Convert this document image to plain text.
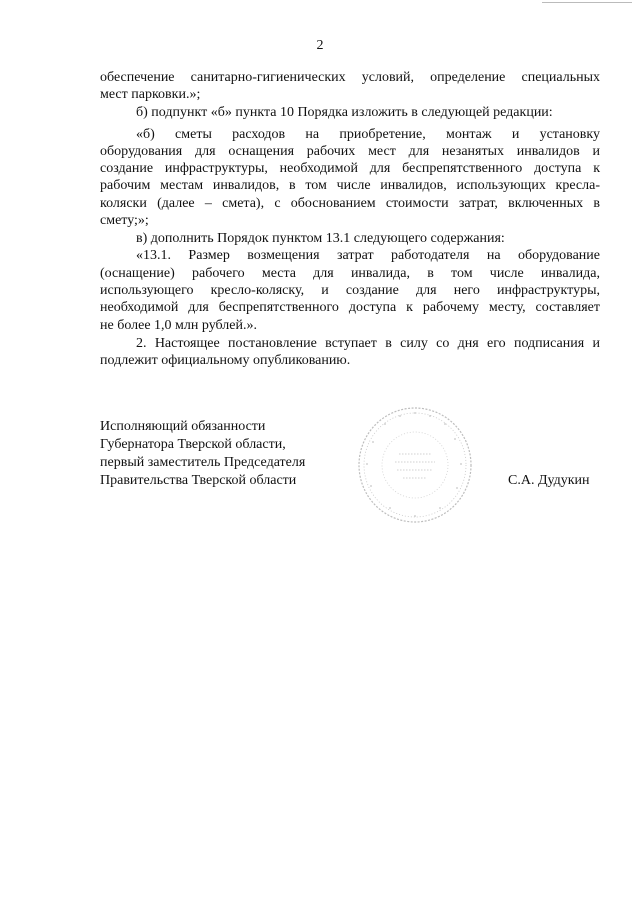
2
обеспечение санитарно-гигиенических условий, определение специальных
мест парковки.»;
б) подпункт «б» пункта 10 Порядка изложить в следующей редакции:
«б) сметы расходов на приобретение, монтаж и установку
оборудования для оснащения рабочих мест для незанятых инвалидов и
создание инфраструктуры, необходимой для беспрепятственного доступа к
рабочим местам инвалидов, в том числе инвалидов, использующих кресла-
коляски (далее – смета), с обоснованием стоимости затрат, включенных в
смету;»;
в) дополнить Порядок пунктом 13.1 следующего содержания:
«13.1. Размер возмещения затрат работодателя на оборудование
(оснащение) рабочего места для инвалида, в том числе инвалида,
использующего кресло-коляску, и создание для него инфраструктуры,
необходимой для беспрепятственного доступа к рабочему месту, составляет
не более 1,0 млн рублей.».
2. Настоящее постановление вступает в силу со дня его подписания и
подлежит официальному опубликованию.
Исполняющий обязанности
Губернатора Тверской области,
первый заместитель Председателя
Правительства Тверской области	С.А. Дудукин
